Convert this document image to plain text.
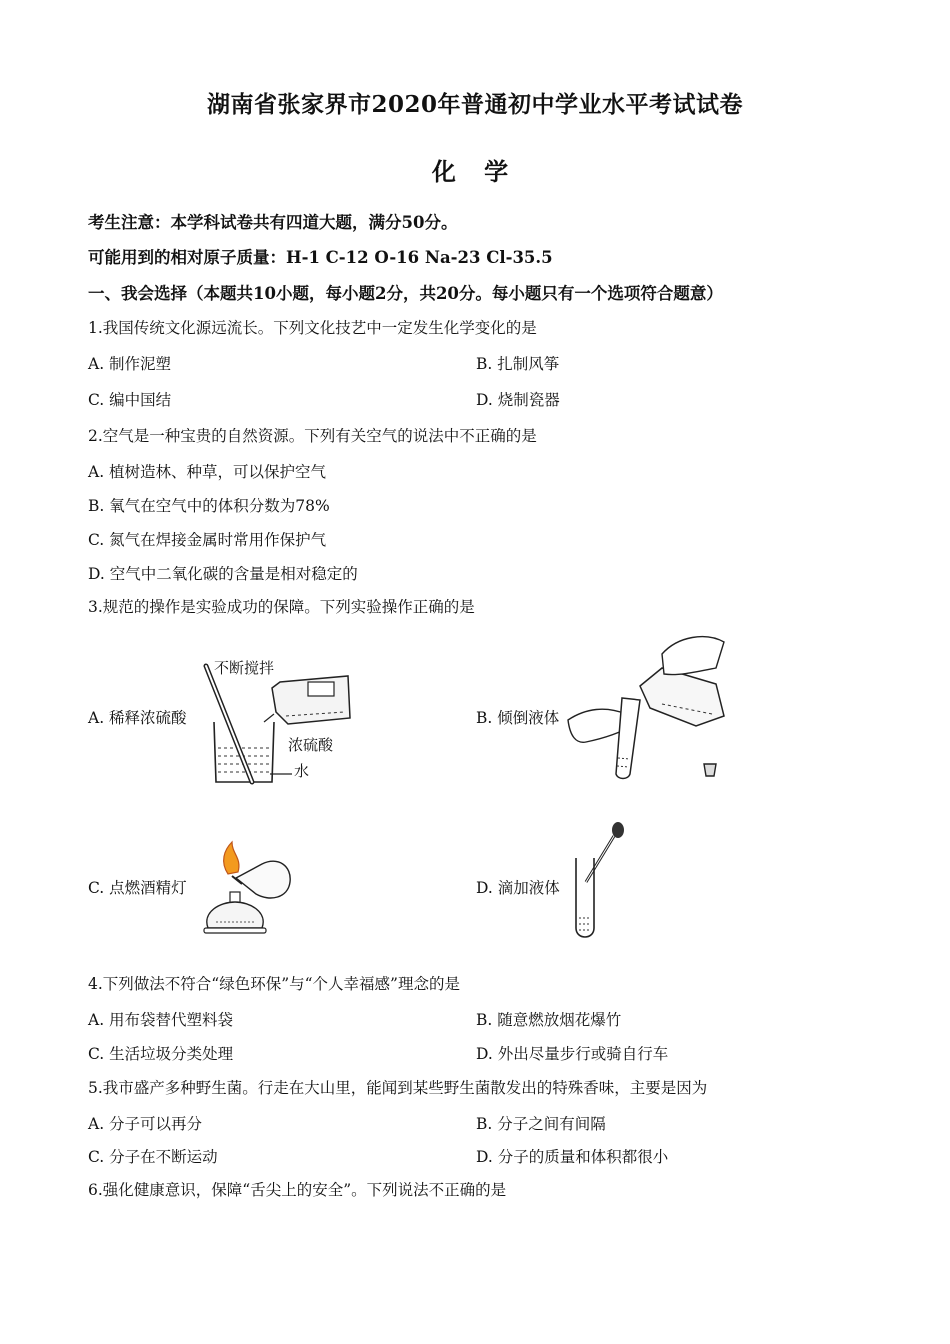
湖南省张家界市2020年普通初中学业水平考试试卷
化 学
考生注意：本学科试卷共有四道大题，满分50分。
可能用到的相对原子质量：H-1 C-12 O-16 Na-23 Cl-35.5
一、我会选择（本题共10小题，每小题2分，共20分。每小题只有一个选项符合题意）
1.我国传统文化源远流长。下列文化技艺中一定发生化学变化的是
A. 制作泥塑	B. 扎制风筝
C. 编中国结	D. 烧制瓷器
2.空气是一种宝贵的自然资源。下列有关空气的说法中不正确的是
A. 植树造林、种草，可以保护空气
B. 氧气在空气中的体积分数为78%
C. 氮气在焊接金属时常用作保护气
D. 空气中二氧化碳的含量是相对稳定的
3.规范的操作是实验成功的保障。下列实验操作正确的是
A. 稀释浓硫酸	B. 倾倒液体
C. 点燃酒精灯	D. 滴加液体
不断搅拌
浓硫酸
水
4.下列做法不符合“绿色环保”与“个人幸福感”理念的是
A. 用布袋替代塑料袋	B. 随意燃放烟花爆竹
C. 生活垃圾分类处理	D. 外出尽量步行或骑自行车
5.我市盛产多种野生菌。行走在大山里，能闻到某些野生菌散发出的特殊香味，主要是因为
A. 分子可以再分	B. 分子之间有间隔
C. 分子在不断运动	D. 分子的质量和体积都很小
6.强化健康意识，保障“舌尖上的安全”。下列说法不正确的是
